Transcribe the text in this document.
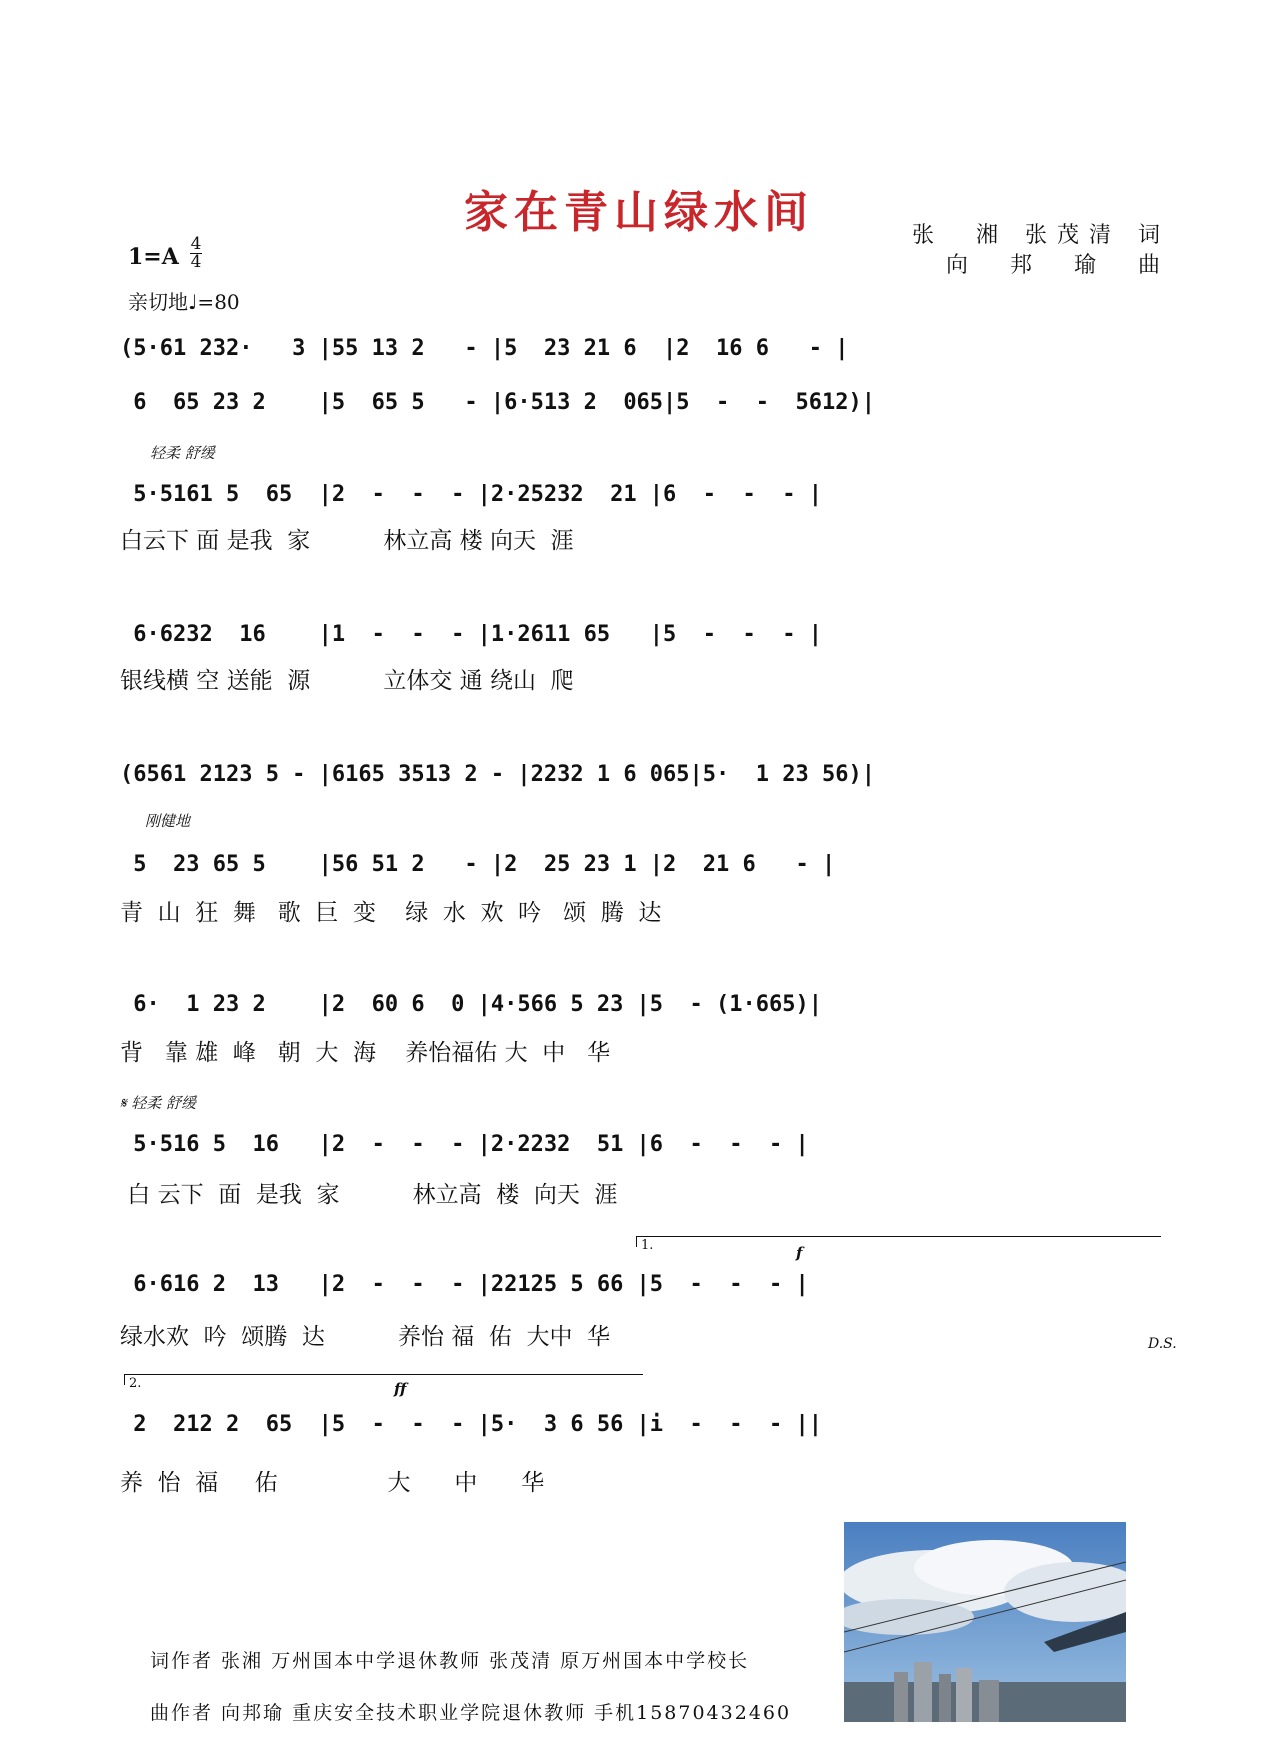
家在青山绿水间	张　湘 张茂清 词
向　邦　瑜　曲
1=A 4
4
亲切地♩=80
轻柔 舒缓
刚健地
𝄋 轻柔 舒缓
(5·61 232·   3 |55 13 2   - |5  23 21 6  |2  16 6   - |
6  65 23 2    |5  65 5   - |6·513 2  065|5  -  -  5612)|
5·5161 5  65  |2  -  -  - |2·25232  21 |6  -  -  - |
白云下 面 是我  家          林立高 楼 向天  涯
6·6232  16    |1  -  -  - |1·2611 65   |5  -  -  - |
银线横 空 送能  源          立体交 通 绕山  爬
(6561 2123 5 - |6165 3513 2 - |2232 1 6 065|5·  1 23 56)|
5  23 65 5    |56 51 2   - |2  25 23 1 |2  21 6   - |
青  山  狂  舞   歌  巨  变    绿  水  欢  吟   颂  腾  达
6·  1 23 2    |2  60 6  0 |4·566 5 23 |5  - (1·665)|
背   靠 雄  峰   朝  大  海    养怡福佑 大  中   华
5·516 5  16   |2  -  -  - |2·2232  51 |6  -  -  - |
白 云下  面  是我  家          林立高  楼  向天  涯
1.	f
6·616 2  13   |2  -  -  - |22125 5 66 |5  -  -  - |
绿水欢  吟  颂腾  达          养怡 福  佑  大中  华	D.S.
2.	ff
2  212 2  65  |5  -  -  - |5·  3 6 56 |i  -  -  - ||
养  怡  福     佑               大      中      华
词作者 张湘 万州国本中学退休教师 张茂清 原万州国本中学校长
曲作者 向邦瑜 重庆安全技术职业学院退休教师 手机15870432460
